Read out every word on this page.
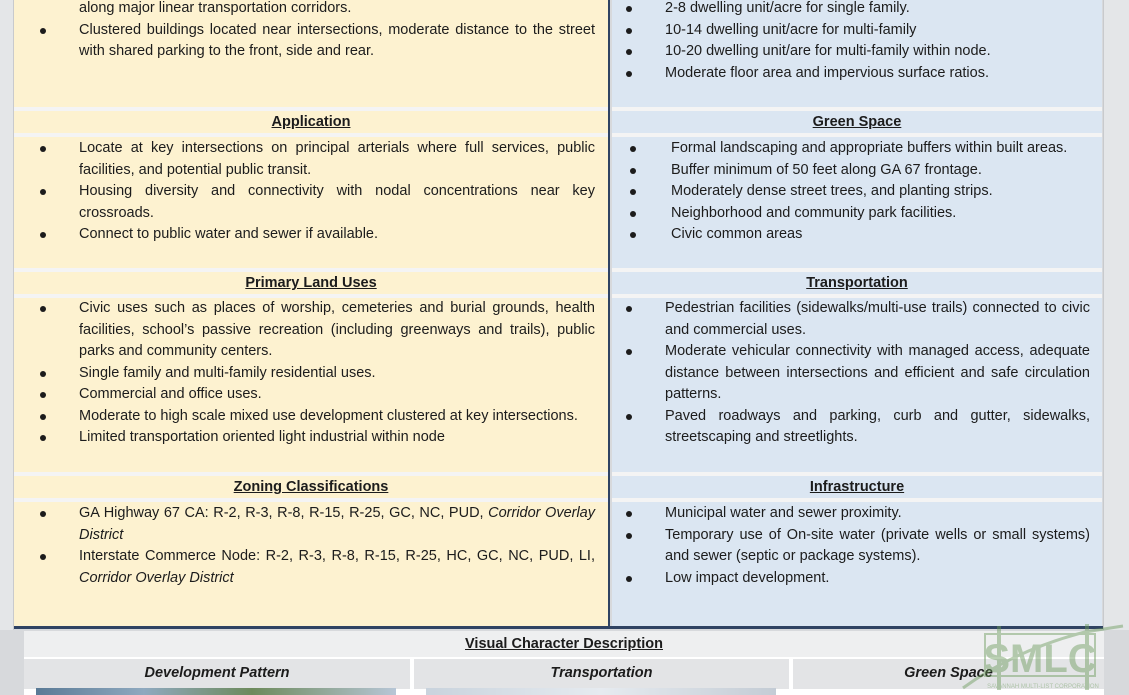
along major linear transportation corridors.
Clustered buildings located near intersections, moderate distance to the street with shared parking to the front, side and rear.
Application
Locate at key intersections on principal arterials where full services, public facilities, and potential public transit.
Housing diversity and connectivity with nodal concentrations near key crossroads.
Connect to public water and sewer if available.
Primary Land Uses
Civic uses such as places of worship, cemeteries and burial grounds, health facilities, school’s passive recreation (including greenways and trails), public parks and community centers.
Single family and multi-family residential uses.
Commercial and office uses.
Moderate to high scale mixed use development clustered at key intersections.
Limited transportation oriented light industrial within node
Zoning Classifications
GA Highway 67 CA: R-2, R-3, R-8, R-15, R-25, GC, NC, PUD, Corridor Overlay District
Interstate Commerce Node: R-2, R-3, R-8, R-15, R-25, HC, GC, NC, PUD, LI, Corridor Overlay District
2-8 dwelling unit/acre for single family.
10-14 dwelling unit/acre for multi-family
10-20 dwelling unit/are for multi-family within node.
Moderate floor area and impervious surface ratios.
Green Space
Formal landscaping and appropriate buffers within built areas.
Buffer minimum of 50 feet along GA 67 frontage.
Moderately dense street trees, and planting strips.
Neighborhood and community park facilities.
Civic common areas
Transportation
Pedestrian facilities (sidewalks/multi-use trails) connected to civic and commercial uses.
Moderate vehicular connectivity with managed access, adequate distance between intersections and efficient and safe circulation patterns.
Paved roadways and parking, curb and gutter, sidewalks, streetscaping and streetlights.
Infrastructure
Municipal water and sewer proximity.
Temporary use of On-site water (private wells or small systems) and sewer (septic or package systems).
Low impact development.
Visual Character Description
Development Pattern	Transportation	Green Space
SMLC
SAVANNAH MULTI-LIST CORPORATION
